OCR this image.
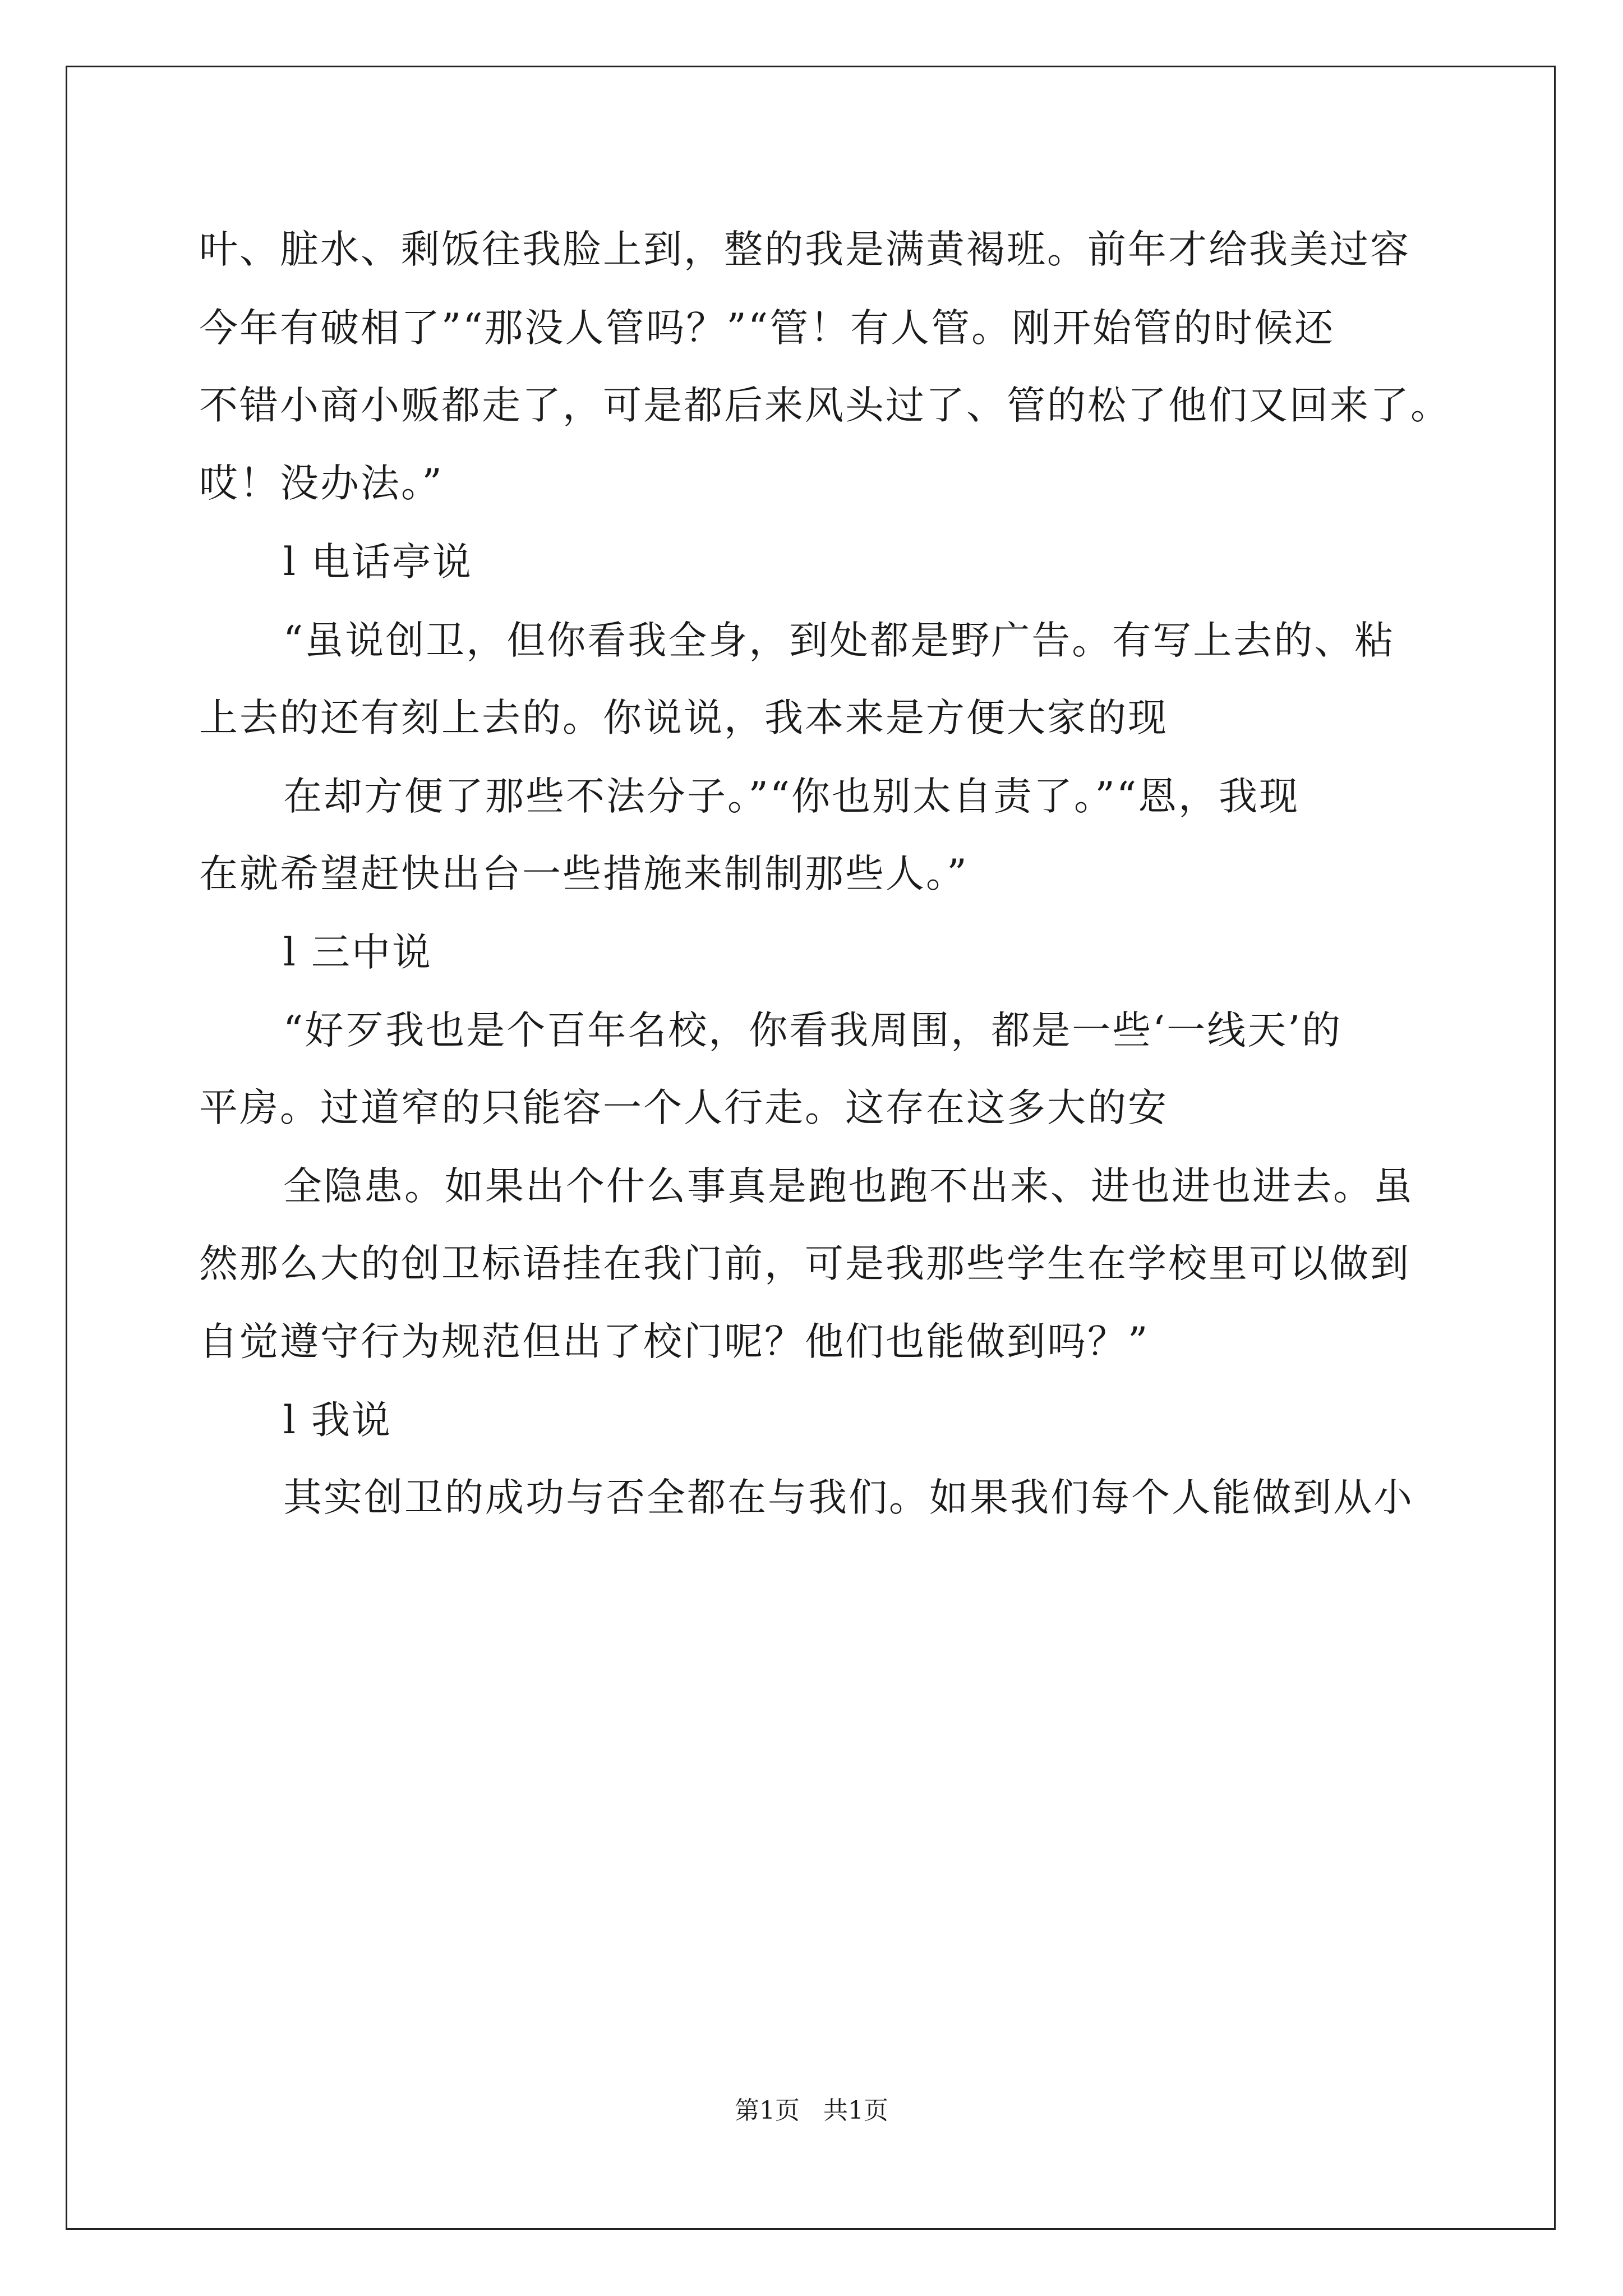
叶、脏水、剩饭往我脸上到，整的我是满黄褐班。前年才给我美过容
今年有破相了”“那没人管吗？”“管！有人管。刚开始管的时候还
不错小商小贩都走了，可是都后来风头过了、管的松了他们又回来了。
哎！没办法。”
l 电话亭说
“虽说创卫，但你看我全身，到处都是野广告。有写上去的、粘
上去的还有刻上去的。你说说，我本来是方便大家的现
在却方便了那些不法分子。”“你也别太自责了。”“恩，我现
在就希望赶快出台一些措施来制制那些人。”
l 三中说
“好歹我也是个百年名校，你看我周围，都是一些‘一线天’的
平房。过道窄的只能容一个人行走。这存在这多大的安
全隐患。如果出个什么事真是跑也跑不出来、进也进也进去。虽
然那么大的创卫标语挂在我门前，可是我那些学生在学校里可以做到
自觉遵守行为规范但出了校门呢？他们也能做到吗？”
l 我说
其实创卫的成功与否全都在与我们。如果我们每个人能做到从小
第1页   共1页
